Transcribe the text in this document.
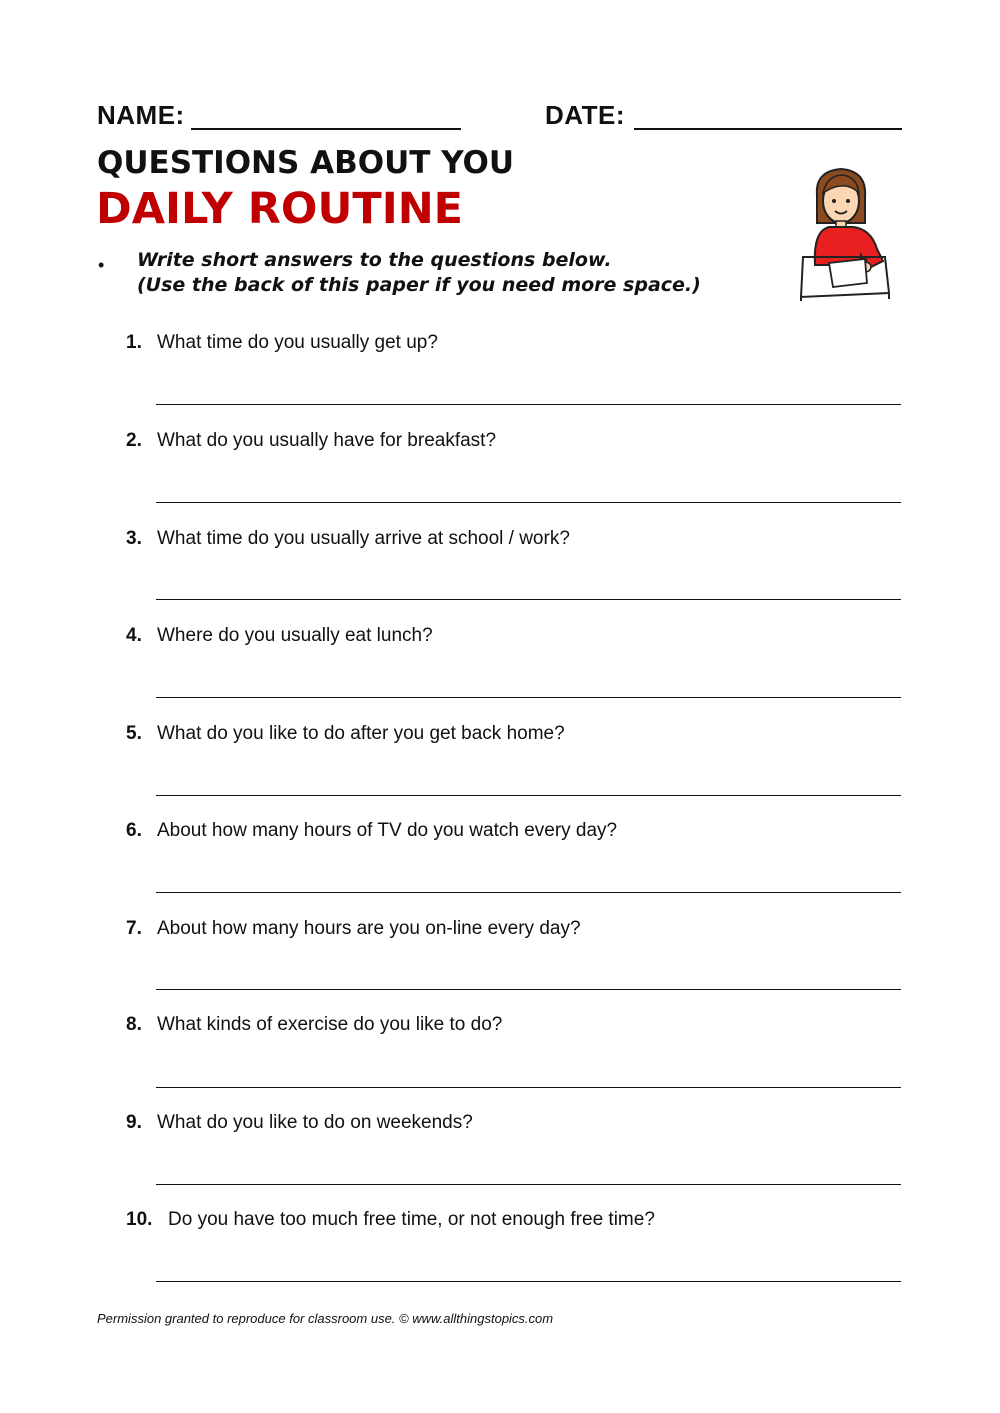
NAME:	DATE:
QUESTIONS ABOUT YOU
DAILY ROUTINE
• Write short answers to the questions below.
(Use the back of this paper if you need more space.)
1. What time do you usually get up?
2. What do you usually have for breakfast?
3. What time do you usually arrive at school / work?
4. Where do you usually eat lunch?
5. What do you like to do after you get back home?
6. About how many hours of TV do you watch every day?
7. About how many hours are you on-line every day?
8. What kinds of exercise do you like to do?
9. What do you like to do on weekends?
10. Do you have too much free time, or not enough free time?
Permission granted to reproduce for classroom use. © www.allthingstopics.com
